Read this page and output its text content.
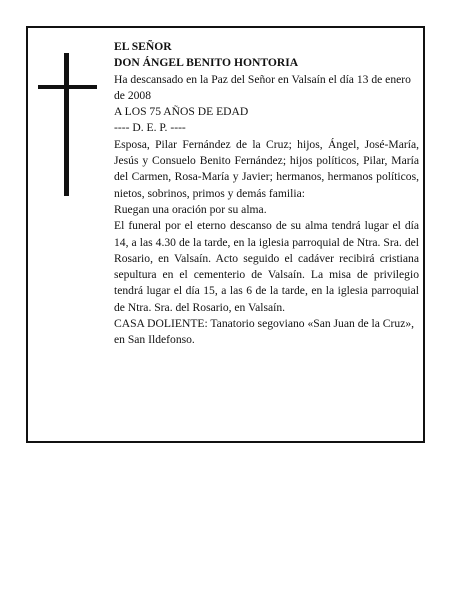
EL SEÑOR

DON ÁNGEL BENITO HONTORIA

Ha descansado en la Paz del Señor en Valsaín el día 13 de enero de 2008

A LOS 75 AÑOS DE EDAD

---- D. E. P. ----

Esposa, Pilar Fernández de la Cruz; hijos, Ángel, José-María, Jesús y Consuelo Benito Fernández; hijos políticos, Pilar, María del Carmen, Rosa-María y Javier; hermanos, hermanos políticos, nietos, sobrinos, primos y demás familia:

Ruegan una oración por su alma.

El funeral por el eterno descanso de su alma tendrá lugar el día 14, a las 4.30 de la tarde, en la iglesia parroquial de Ntra. Sra. del Rosario, en Valsaín. Acto seguido el cadáver recibirá cristiana sepultura en el cementerio de Valsaín. La misa de privilegio tendrá lugar el día 15, a las 6 de la tarde, en la iglesia parroquial de Ntra. Sra. del Rosario, en Valsaín.

CASA DOLIENTE: Tanatorio segoviano «San Juan de la Cruz», en San Ildefonso.
